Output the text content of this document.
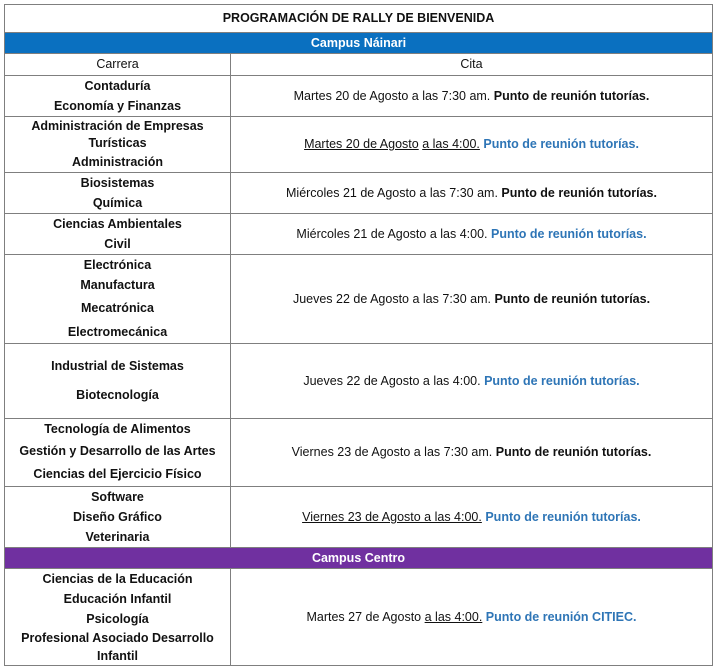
PROGRAMACIÓN DE RALLY DE BIENVENIDA	
Campus Náinari	
Carrera	Cita

Contaduría
Economía y Finanzas	Martes 20 de Agosto a las 7:30 am. Punto de reunión tutorías.

Administración de Empresas
Turísticas
Administración	Martes 20 de Agosto a las 4:00. Punto de reunión tutorías.

Biosistemas
Química	Miércoles 21 de Agosto a las 7:30 am. Punto de reunión tutorías.

Ciencias Ambientales
Civil	Miércoles 21 de Agosto a las 4:00. Punto de reunión tutorías.

Electrónica
Manufactura
Mecatrónica
Electromecánica	Jueves 22 de Agosto a las 7:30 am. Punto de reunión tutorías.

Industrial de Sistemas
Biotecnología	Jueves 22 de Agosto a las 4:00. Punto de reunión tutorías.

Tecnología de Alimentos
Gestión y Desarrollo de las Artes
Ciencias del Ejercicio Físico	Viernes 23 de Agosto a las 7:30 am. Punto de reunión tutorías.

Software
Diseño Gráfico
Veterinaria	Viernes 23 de Agosto a las 4:00. Punto de reunión tutorías.
Campus Centro	

Ciencias de la Educación
Educación Infantil
Psicología
Profesional Asociado Desarrollo
Infantil	Martes 27 de Agosto a las 4:00. Punto de reunión CITIEC.
